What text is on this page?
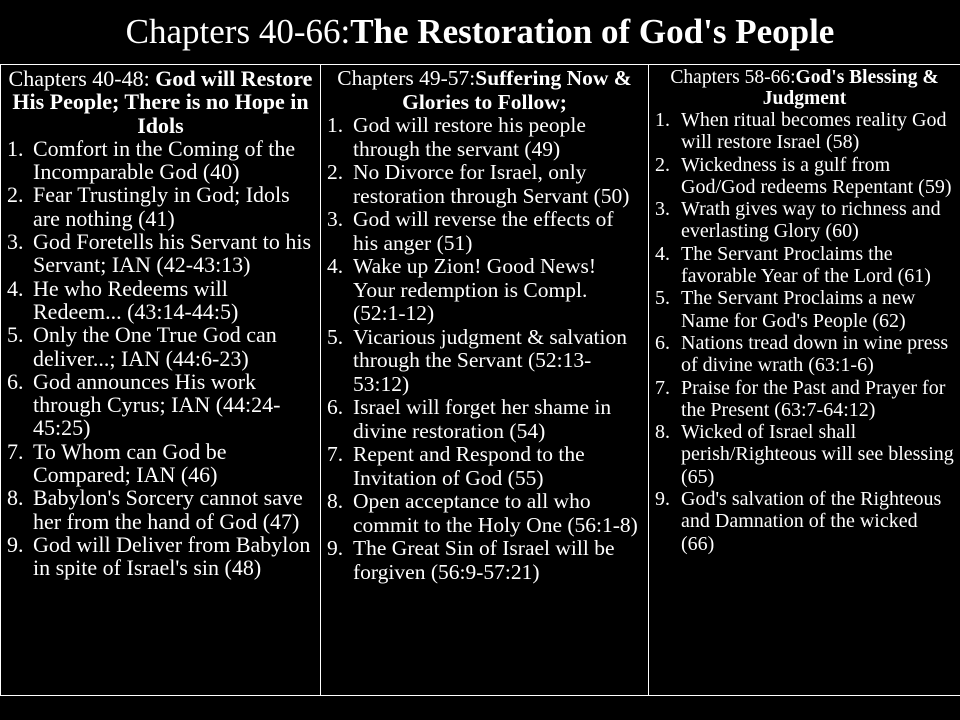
Chapters 40-66:The Restoration of God's People
Chapters 40-48: God will Restore His People; There is no Hope in Idols
1. Comfort in the Coming of the Incomparable God (40)
2. Fear Trustingly in God; Idols are nothing (41)
3. God Foretells his Servant to his Servant; IAN (42-43:13)
4. He who Redeems will Redeem... (43:14-44:5)
5. Only the One True God can deliver...; IAN (44:6-23)
6. God announces His work through Cyrus; IAN (44:24-45:25)
7. To Whom can God be Compared; IAN (46)
8. Babylon's Sorcery cannot save her from the hand of God (47)
9. God will Deliver from Babylon in spite of Israel's sin (48)

Chapters 49-57:Suffering Now & Glories to Follow;
1. God will restore his people through the servant (49)
2. No Divorce for Israel, only restoration through Servant (50)
3. God will reverse the effects of his anger (51)
4. Wake up Zion! Good News! Your redemption is Compl. (52:1-12)
5. Vicarious judgment & salvation through the Servant (52:13-53:12)
6. Israel will forget her shame in divine restoration (54)
7. Repent and Respond to the Invitation of God (55)
8. Open acceptance to all who commit to the Holy One (56:1-8)
9. The Great Sin of Israel will be forgiven (56:9-57:21)

Chapters 58-66:God's Blessing & Judgment
1. When ritual becomes reality God will restore Israel (58)
2. Wickedness is a gulf from God/God redeems Repentant (59)
3. Wrath gives way to richness and everlasting Glory (60)
4. The Servant Proclaims the favorable Year of the Lord (61)
5. The Servant Proclaims a new Name for God's People (62)
6. Nations tread down in wine press of divine wrath (63:1-6)
7. Praise for the Past and Prayer for the Present (63:7-64:12)
8. Wicked of Israel shall perish/Righteous will see blessing (65)
9. God's salvation of the Righteous and Damnation of the wicked (66)
